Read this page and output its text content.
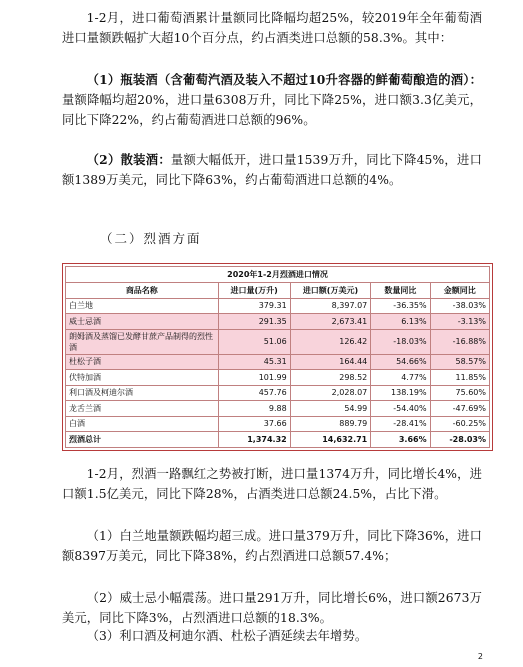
1-2月，进口葡萄酒累计量额同比降幅均超25%，较2019年全年葡萄酒进口量额跌幅扩大超10个百分点，约占酒类进口总额的58.3%。其中：

（1）瓶装酒（含葡萄汽酒及装入不超过10升容器的鲜葡萄酿造的酒）：量额降幅均超20%，进口量6308万升，同比下降25%，进口额3.3亿美元，同比下降22%，约占葡萄酒进口总额的96%。

（2）散装酒：量额大幅低开，进口量1539万升，同比下降45%，进口额1389万美元，同比下降63%，约占葡萄酒进口总额的4%。

（二）烈酒方面
2020年1-2月烈酒进口情况				
商品名称	进口量(万升)	进口额(万美元)	数量同比	金额同比
白兰地	379.31	8,397.07	-36.35%	-38.03%
威士忌酒	291.35	2,673.41	6.13%	-3.13%
朗姆酒及蒸馏已发酵甘蔗产品制得的烈性酒	51.06	126.42	-18.03%	-16.88%
杜松子酒	45.31	164.44	54.66%	58.57%
伏特加酒	101.99	298.52	4.77%	11.85%
利口酒及柯迪尔酒	457.76	2,028.07	138.19%	75.60%
龙舌兰酒	9.88	54.99	-54.40%	-47.69%
白酒	37.66	889.79	-28.41%	-60.25%
烈酒总计	1,374.32	14,632.71	3.66%	-28.03%

1-2月，烈酒一路飘红之势被打断，进口量1374万升，同比增长4%，进口额1.5亿美元，同比下降28%，占酒类进口总额24.5%，占比下滑。

（1）白兰地量额跌幅均超三成。进口量379万升，同比下降36%，进口额8397万美元，同比下降38%，约占烈酒进口总额57.4%；

（2）威士忌小幅震荡。进口量291万升，同比增长6%，进口额2673万美元，同比下降3%，占烈酒进口总额的18.3%。

（3）利口酒及柯迪尔酒、杜松子酒延续去年增势。

2
